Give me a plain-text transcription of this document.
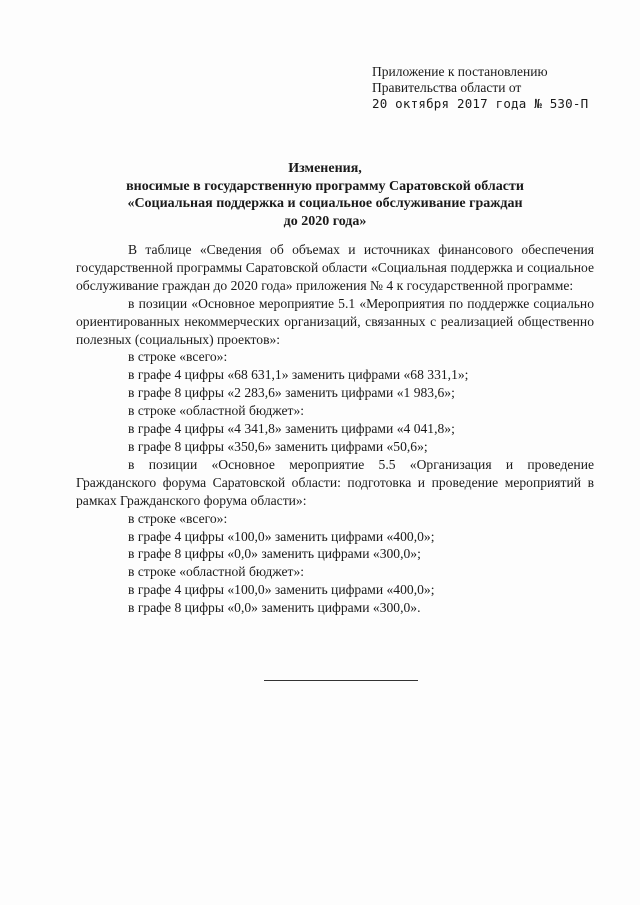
Приложение к постановлению
Правительства области от
20 октября 2017 года № 530-П
Изменения,
вносимые в государственную программу Саратовской области
«Социальная поддержка и социальное обслуживание граждан
до 2020 года»

В таблице «Сведения об объемах и источниках финансового обеспечения государственной программы Саратовской области «Социальная поддержка и социальное обслуживание граждан до 2020 года» приложения № 4 к государственной программе:

в позиции «Основное мероприятие 5.1 «Мероприятия по поддержке социально ориентированных некоммерческих организаций, связанных с реализацией общественно полезных (социальных) проектов»:

в строке «всего»:

в графе 4 цифры «68 631,1» заменить цифрами «68 331,1»;

в графе 8 цифры «2 283,6» заменить цифрами «1 983,6»;

в строке «областной бюджет»:

в графе 4 цифры «4 341,8» заменить цифрами «4 041,8»;

в графе 8 цифры «350,6» заменить цифрами «50,6»;

в позиции «Основное мероприятие 5.5 «Организация и проведение Гражданского форума Саратовской области: подготовка и проведение мероприятий в рамках Гражданского форума области»:

в строке «всего»:

в графе 4 цифры «100,0» заменить цифрами «400,0»;

в графе 8 цифры «0,0» заменить цифрами «300,0»;

в строке «областной бюджет»:

в графе 4 цифры «100,0» заменить цифрами «400,0»;

в графе 8 цифры «0,0» заменить цифрами «300,0».
